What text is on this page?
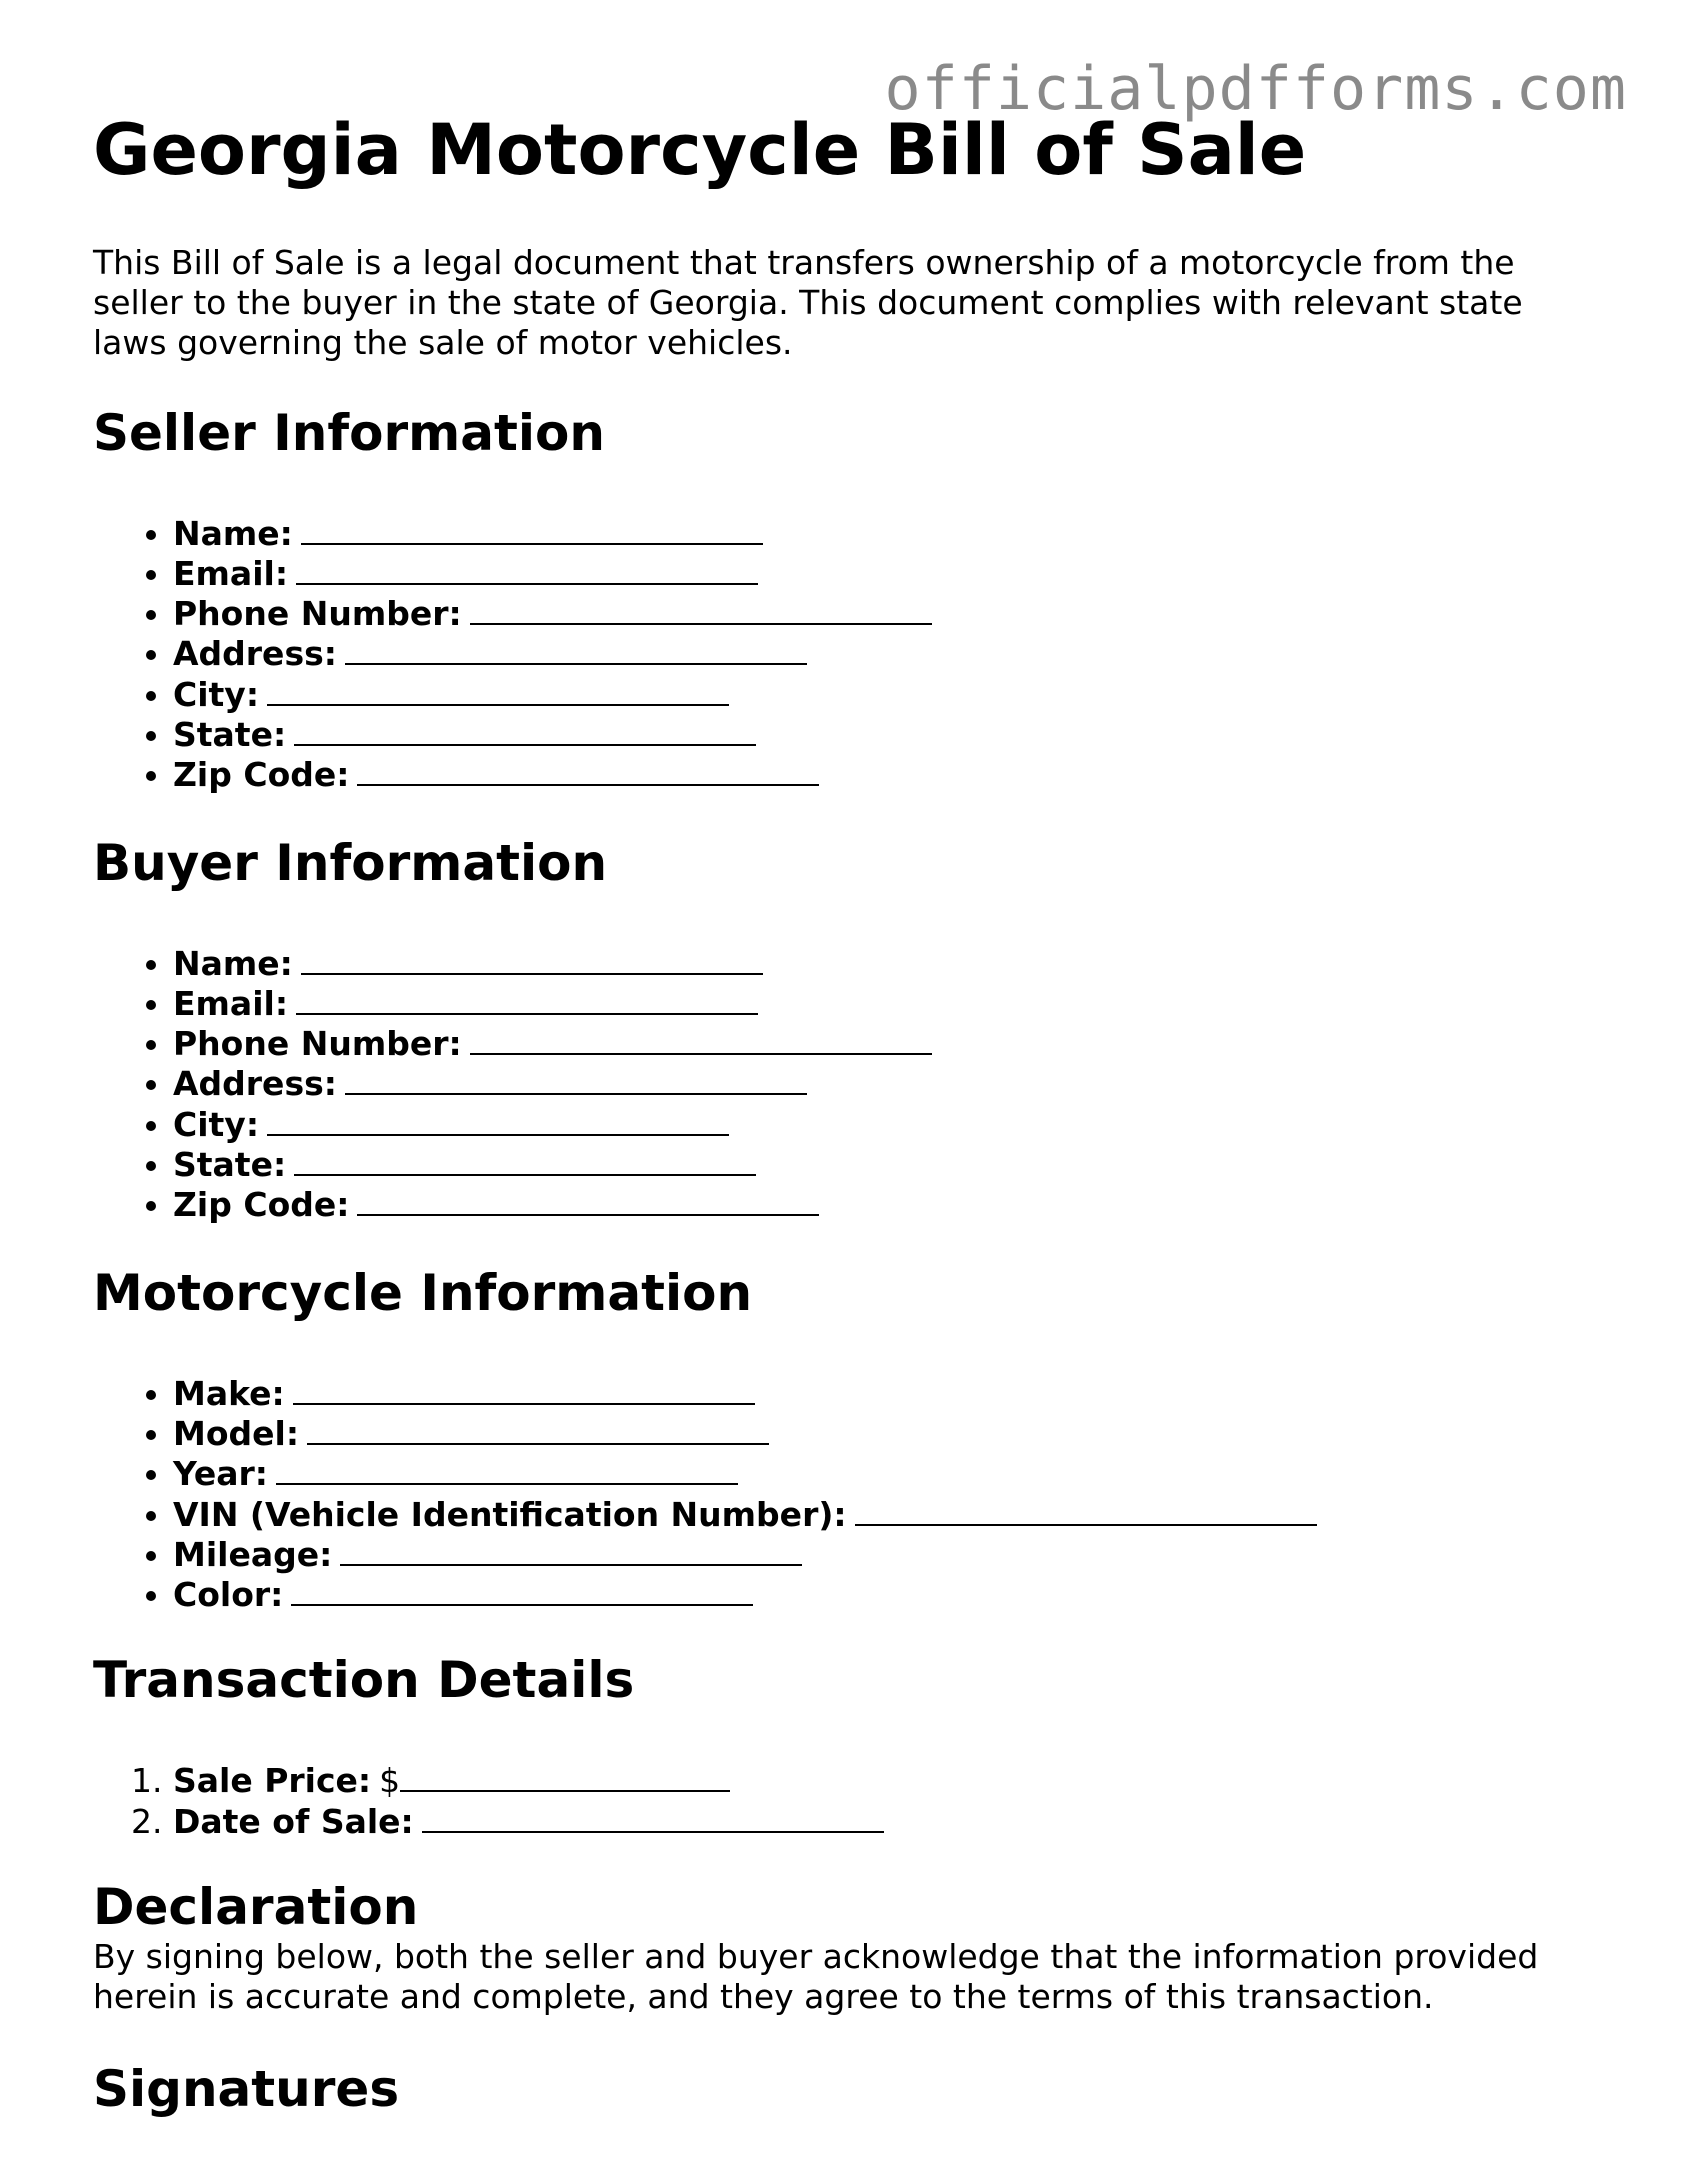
officialpdfforms.com
Georgia Motorcycle Bill of Sale

This Bill of Sale is a legal document that transfers ownership of a motorcycle from the seller to the buyer in the state of Georgia. This document complies with relevant state laws governing the sale of motor vehicles.

Seller Information
• Name:
• Email:
• Phone Number:
• Address:
• City:
• State:
• Zip Code:
Buyer Information
• Name:
• Email:
• Phone Number:
• Address:
• City:
• State:
• Zip Code:
Motorcycle Information
• Make:
• Model:
• Year:
• VIN (Vehicle Identification Number):
• Mileage:
• Color:
Transaction Details
1. Sale Price: $
2. Date of Sale:
Declaration

By signing below, both the seller and buyer acknowledge that the information provided herein is accurate and complete, and they agree to the terms of this transaction.

Signatures
